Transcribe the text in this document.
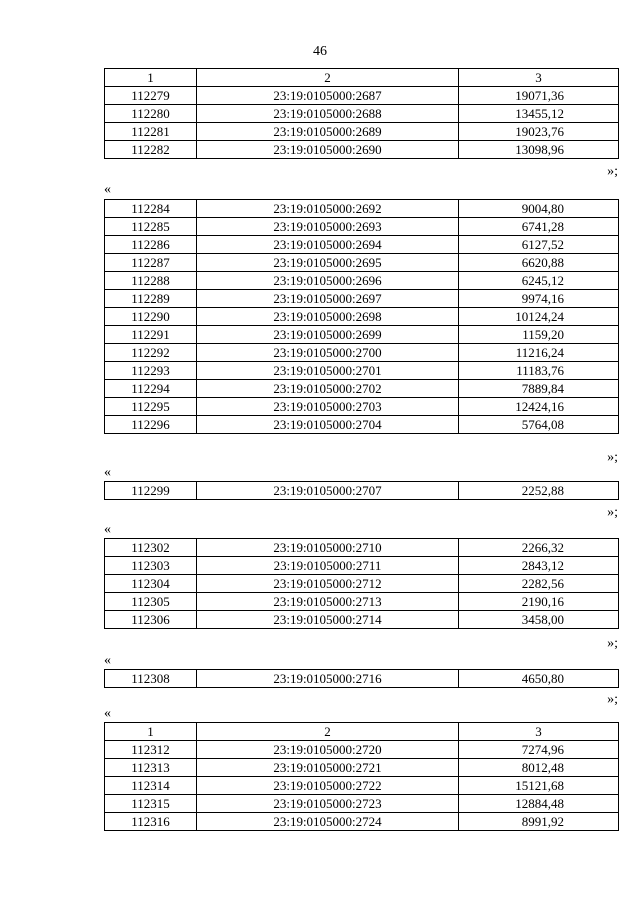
46
1	2	3
112279	23:19:0105000:2687	19071,36
112280	23:19:0105000:2688	13455,12
112281	23:19:0105000:2689	19023,76
112282	23:19:0105000:2690	13098,96
»;
«
112284	23:19:0105000:2692	9004,80
112285	23:19:0105000:2693	6741,28
112286	23:19:0105000:2694	6127,52
112287	23:19:0105000:2695	6620,88
112288	23:19:0105000:2696	6245,12
112289	23:19:0105000:2697	9974,16
112290	23:19:0105000:2698	10124,24
112291	23:19:0105000:2699	1159,20
112292	23:19:0105000:2700	11216,24
112293	23:19:0105000:2701	11183,76
112294	23:19:0105000:2702	7889,84
112295	23:19:0105000:2703	12424,16
112296	23:19:0105000:2704	5764,08
»;
«
112299	23:19:0105000:2707	2252,88
»;
«
112302	23:19:0105000:2710	2266,32
112303	23:19:0105000:2711	2843,12
112304	23:19:0105000:2712	2282,56
112305	23:19:0105000:2713	2190,16
112306	23:19:0105000:2714	3458,00
»;
«
112308	23:19:0105000:2716	4650,80
»;
«
1	2	3
112312	23:19:0105000:2720	7274,96
112313	23:19:0105000:2721	8012,48
112314	23:19:0105000:2722	15121,68
112315	23:19:0105000:2723	12884,48
112316	23:19:0105000:2724	8991,92
